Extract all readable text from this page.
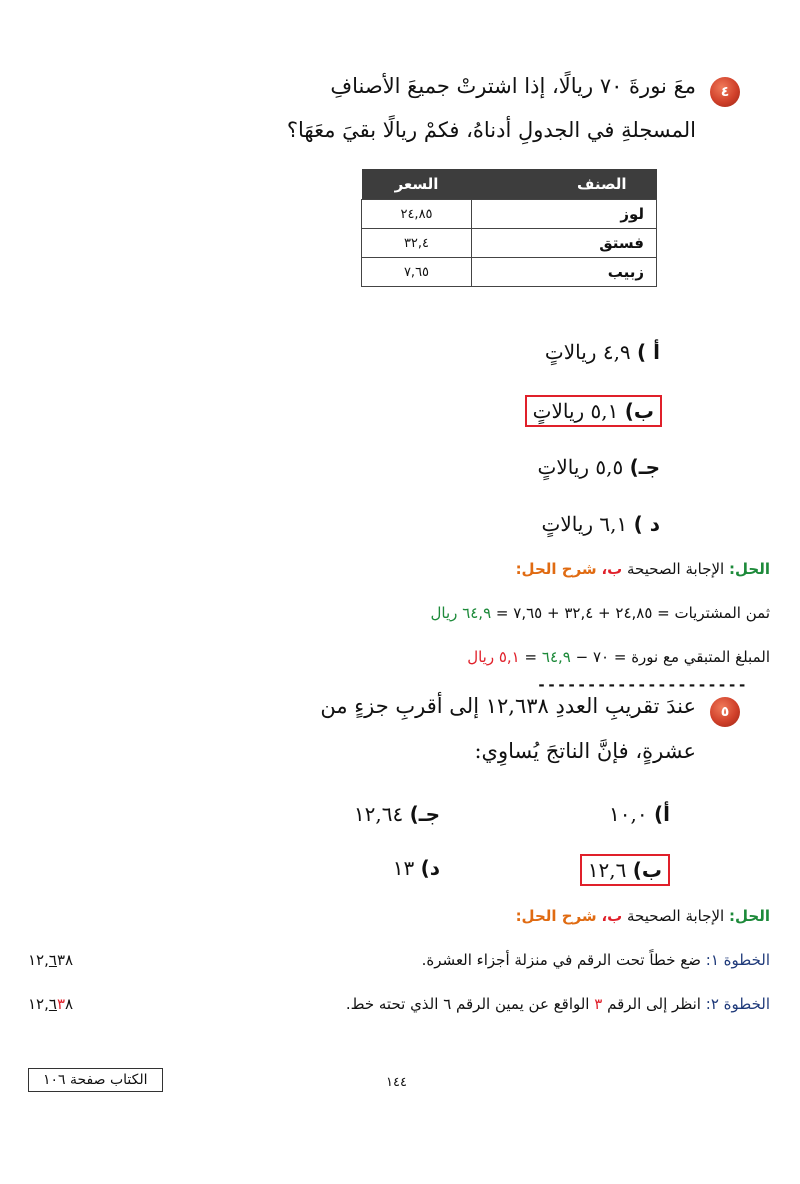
٤
معَ نورةَ ٧٠ ريالًا، إذا اشترتْ جميعَ الأصنافِ
المسجلةِ في الجدولِ أدناهُ، فكمْ ريالًا بقيَ معَهَا؟
الصنف	السعر
لوز	٢٤,٨٥
فستق	٣٢,٤
زبيب	٧,٦٥
أ ) ٤,٩ ريالاتٍ
ب) ٥,١ ريالاتٍ
جـ) ٥,٥ ريالاتٍ
د ) ٦,١ ريالاتٍ
الحل: الإجابة الصحيحة ب، شرح الحل:
ثمن المشتريات = ٢٤,٨٥ + ٣٢,٤ + ٧,٦٥ = ٦٤,٩ ريال
المبلغ المتبقي مع نورة = ٧٠ − ٦٤,٩ = ٥,١ ريال
---------------------
٥
عندَ تقريبِ العددِ ١٢,٦٣٨ إلى أقربِ جزءٍ من
عشرةٍ، فإنَّ الناتجَ يُساوِي:
أ) ١٠,٠
جـ) ١٢,٦٤
ب) ١٢,٦
د) ١٣
الحل: الإجابة الصحيحة ب، شرح الحل:
الخطوة ١: ضع خطاً تحت الرقم في منزلة أجزاء العشرة.
١٢,٦٣٨
الخطوة ٢: انظر إلى الرقم ٣ الواقع عن يمين الرقم ٦ الذي تحته خط.
١٢,٦٣٨
١٤٤
الكتاب صفحة ١٠٦
